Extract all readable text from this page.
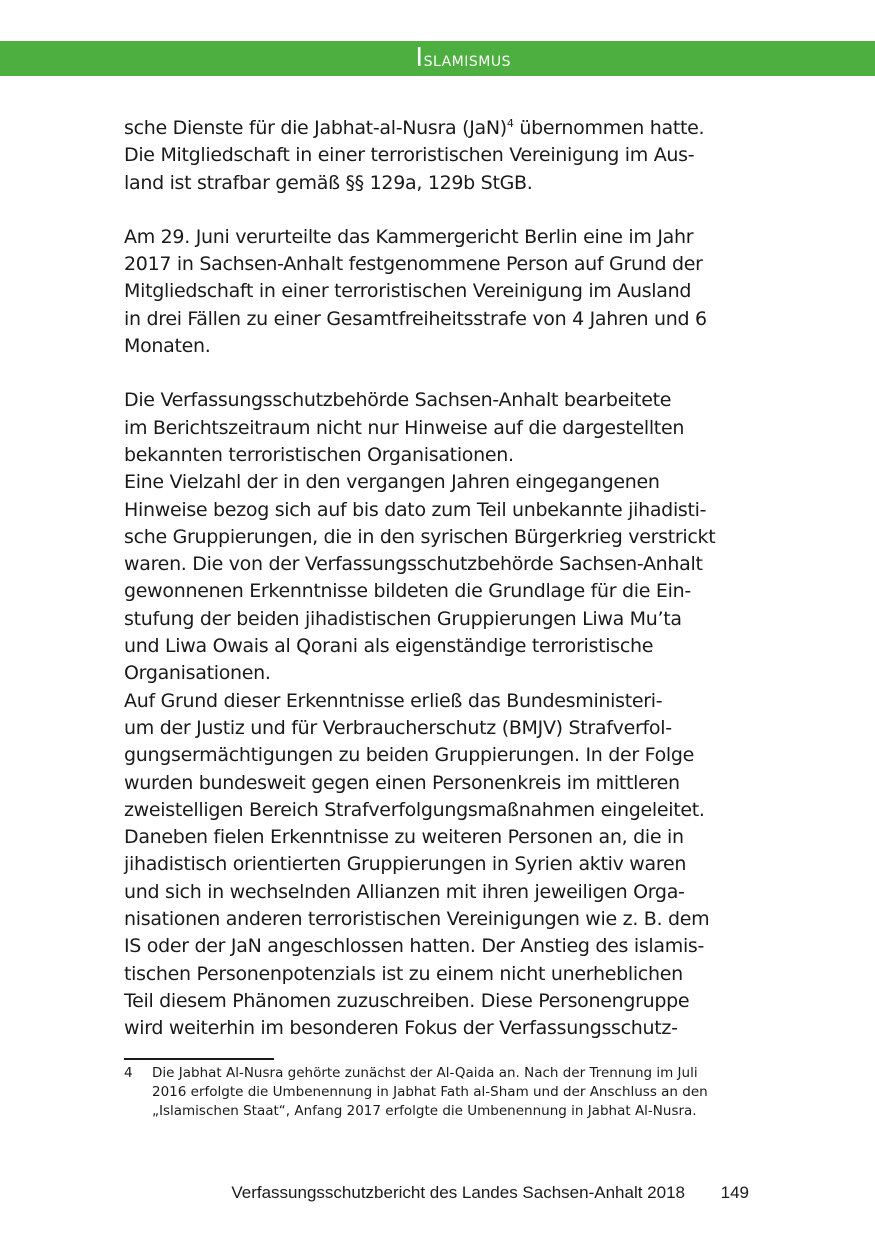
Islamismus

sche Dienste für die Jabhat-al-Nusra (JaN)$^4$ übernommen hatte.
Die Mitgliedschaft in einer terroristischen Vereinigung im Aus-
land ist strafbar gemäß §§ 129a, 129b StGB.

Am 29. Juni verurteilte das Kammergericht Berlin eine im Jahr
2017 in Sachsen-Anhalt festgenommene Person auf Grund der
Mitgliedschaft in einer terroristischen Vereinigung im Ausland
in drei Fällen zu einer Gesamtfreiheitsstrafe von 4 Jahren und 6
Monaten.

Die Verfassungsschutzbehörde Sachsen-Anhalt bearbeitete
im Berichtszeitraum nicht nur Hinweise auf die dargestellten
bekannten terroristischen Organisationen.

Eine Vielzahl der in den vergangen Jahren eingegangenen
Hinweise bezog sich auf bis dato zum Teil unbekannte jihadisti-
sche Gruppierungen, die in den syrischen Bürgerkrieg verstrickt
waren. Die von der Verfassungsschutzbehörde Sachsen-Anhalt
gewonnenen Erkenntnisse bildeten die Grundlage für die Ein-
stufung der beiden jihadistischen Gruppierungen Liwa Mu’ta
und Liwa Owais al Qorani als eigenständige terroristische
Organisationen.

Auf Grund dieser Erkenntnisse erließ das Bundesministeri-
um der Justiz und für Verbraucherschutz (BMJV) Strafverfol-
gungsermächtigungen zu beiden Gruppierungen. In der Folge
wurden bundesweit gegen einen Personenkreis im mittleren
zweistelligen Bereich Strafverfolgungsmaßnahmen eingeleitet.
Daneben fielen Erkenntnisse zu weiteren Personen an, die in
jihadistisch orientierten Gruppierungen in Syrien aktiv waren
und sich in wechselnden Allianzen mit ihren jeweiligen Orga-
nisationen anderen terroristischen Vereinigungen wie z. B. dem
IS oder der JaN angeschlossen hatten. Der Anstieg des islamis-
tischen Personenpotenzials ist zu einem nicht unerheblichen
Teil diesem Phänomen zuzuschreiben. Diese Personengruppe
wird weiterhin im besonderen Fokus der Verfassungsschutz-

4 Die Jabhat Al-Nusra gehörte zunächst der Al-Qaida an. Nach der Trennung im Juli
2016 erfolgte die Umbenennung in Jabhat Fath al-Sham und der Anschluss an den
„Islamischen Staat“, Anfang 2017 erfolgte die Umbenennung in Jabhat Al-Nusra.
Verfassungsschutzbericht des Landes Sachsen-Anhalt 2018 149
